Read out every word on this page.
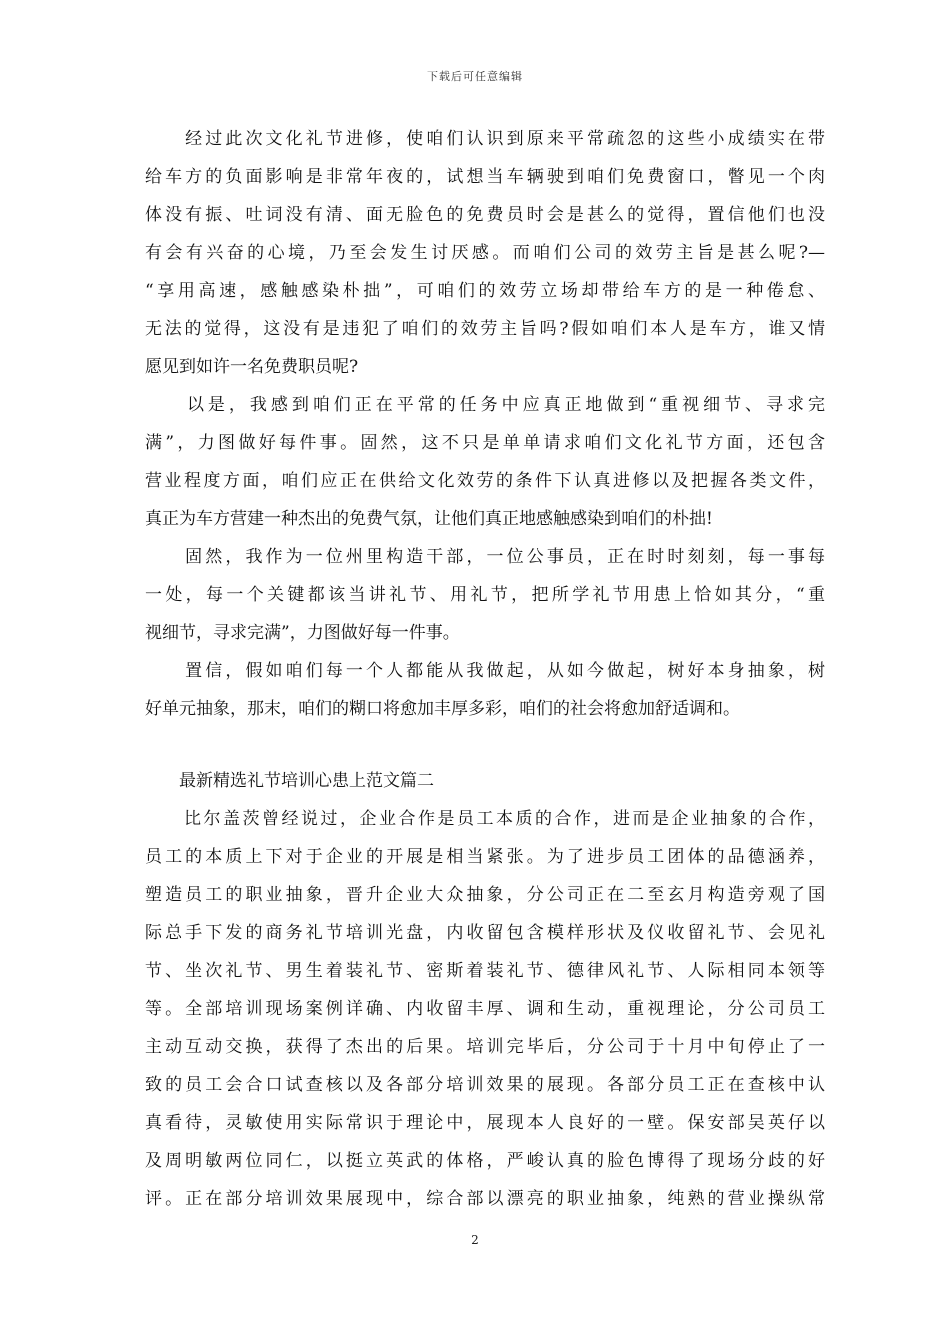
下载后可任意编辑
　　经过此次文化礼节进修，使咱们认识到原来平常疏忽的这些小成绩实在带
给车方的负面影响是非常年夜的，试想当车辆驶到咱们免费窗口，瞥见一个肉
体没有振、吐词没有清、面无脸色的免费员时会是甚么的觉得，置信他们也没
有会有兴奋的心境，乃至会发生讨厌感。而咱们公司的效劳主旨是甚么呢?—
“享用高速，感触感染朴拙”，可咱们的效劳立场却带给车方的是一种倦怠、
无法的觉得，这没有是违犯了咱们的效劳主旨吗?假如咱们本人是车方，谁又情
愿见到如许一名免费职员呢?
　　以是，我感到咱们正在平常的任务中应真正地做到“重视细节、寻求完
满”，力图做好每件事。固然，这不只是单单请求咱们文化礼节方面，还包含
营业程度方面，咱们应正在供给文化效劳的条件下认真进修以及把握各类文件，
真正为车方营建一种杰出的免费气氛，让他们真正地感触感染到咱们的朴拙!
　　固然，我作为一位州里构造干部，一位公事员，正在时时刻刻，每一事每
一处，每一个关键都该当讲礼节、用礼节，把所学礼节用患上恰如其分，“重
视细节，寻求完满”，力图做好每一件事。
　　置信，假如咱们每一个人都能从我做起，从如今做起，树好本身抽象，树
好单元抽象，那末，咱们的糊口将愈加丰厚多彩，咱们的社会将愈加舒适调和。
　　最新精选礼节培训心患上范文篇二
　　比尔盖茨曾经说过，企业合作是员工本质的合作，进而是企业抽象的合作，
员工的本质上下对于企业的开展是相当紧张。为了进步员工团体的品德涵养，
塑造员工的职业抽象，晋升企业大众抽象，分公司正在二至玄月构造旁观了国
际总手下发的商务礼节培训光盘，内收留包含模样形状及仪收留礼节、会见礼
节、坐次礼节、男生着装礼节、密斯着装礼节、德律风礼节、人际相同本领等
等。全部培训现场案例详确、内收留丰厚、调和生动，重视理论，分公司员工
主动互动交换，获得了杰出的后果。培训完毕后，分公司于十月中旬停止了一
致的员工会合口试查核以及各部分培训效果的展现。各部分员工正在查核中认
真看待，灵敏使用实际常识于理论中，展现本人良好的一壁。保安部吴英仔以
及周明敏两位同仁，以挺立英武的体格，严峻认真的脸色博得了现场分歧的好
评。正在部分培训效果展现中，综合部以漂亮的职业抽象，纯熟的营业操纵常
2
